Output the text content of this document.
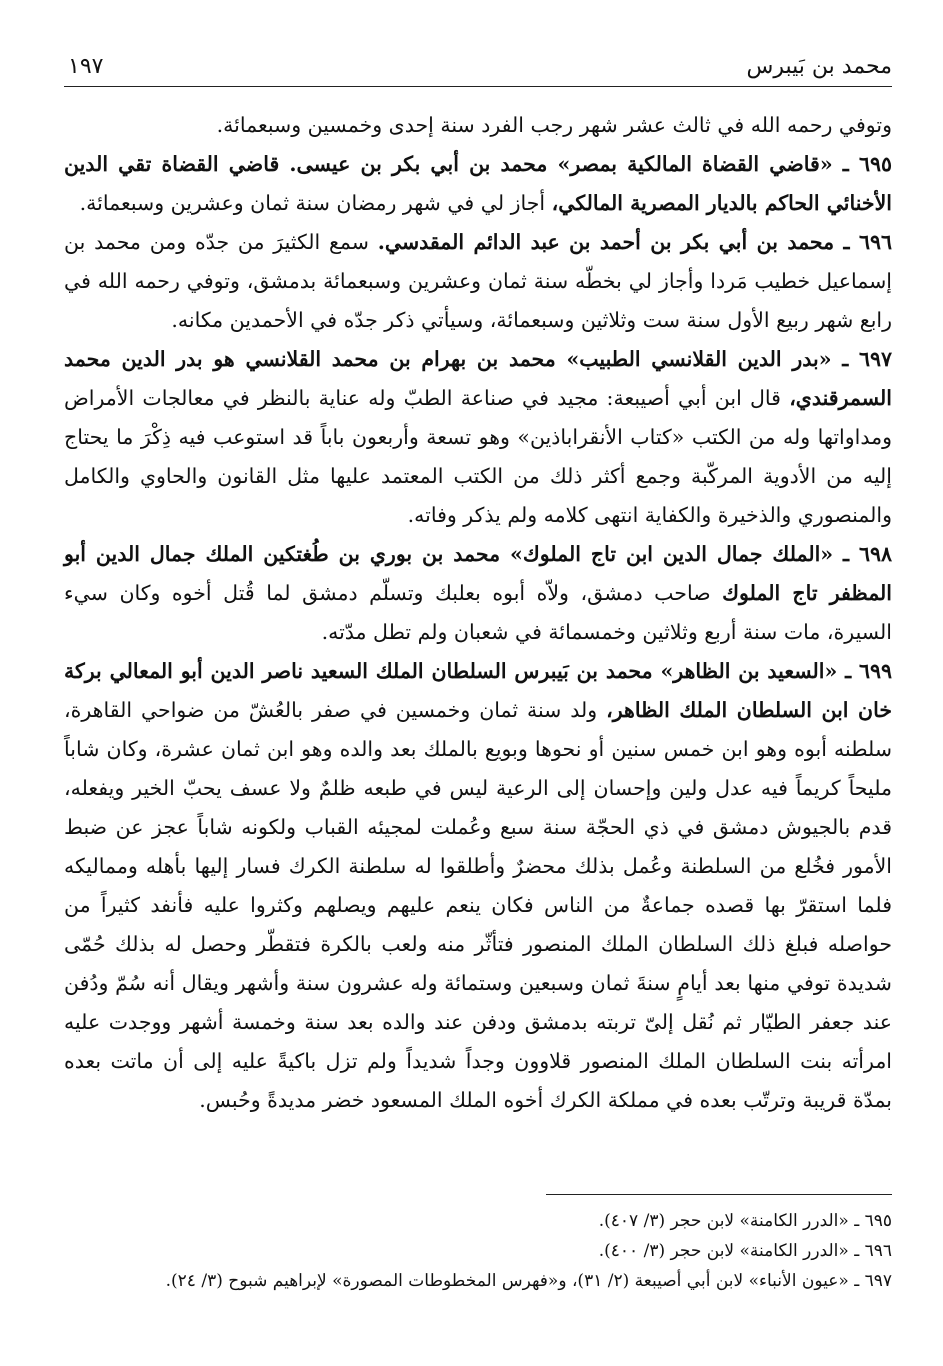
محمد بن بَيبرس
١٩٧

وتوفي رحمه الله في ثالث عشر شهر رجب الفرد سنة إحدى وخمسين وسبعمائة.

٦٩٥ ـ «قاضي القضاة المالكية بمصر» محمد بن أبي بكر بن عيسى. قاضي القضاة تقي الدين الأخنائي الحاكم بالديار المصرية المالكي، أجاز لي في شهر رمضان سنة ثمان وعشرين وسبعمائة.

٦٩٦ ـ محمد بن أبي بكر بن أحمد بن عبد الدائم المقدسي. سمع الكثيرَ من جدّه ومن محمد بن إسماعيل خطيب مَردا وأجاز لي بخطّه سنة ثمان وعشرين وسبعمائة بدمشق، وتوفي رحمه الله في رابع شهر ربيع الأول سنة ست وثلاثين وسبعمائة، وسيأتي ذكر جدّه في الأحمدين مكانه.

٦٩٧ ـ «بدر الدين القلانسي الطبيب» محمد بن بهرام بن محمد القلانسي هو بدر الدين محمد السمرقندي، قال ابن أبي أصيبعة: مجيد في صناعة الطبّ وله عناية بالنظر في معالجات الأمراض ومداواتها وله من الكتب «كتاب الأنقراباذين» وهو تسعة وأربعون باباً قد استوعب فيه ذِكْرَ ما يحتاج إليه من الأدوية المركّبة وجمع أكثر ذلك من الكتب المعتمد عليها مثل القانون والحاوي والكامل والمنصوري والذخيرة والكفاية انتهى كلامه ولم يذكر وفاته.

٦٩٨ ـ «الملك جمال الدين ابن تاج الملوك» محمد بن بوري بن طُغتكين الملك جمال الدين أبو المظفر تاج الملوك صاحب دمشق، ولاّه أبوه بعلبك وتسلّم دمشق لما قُتل أخوه وكان سيء السيرة، مات سنة أربع وثلاثين وخمسمائة في شعبان ولم تطل مدّته.

٦٩٩ ـ «السعيد بن الظاهر» محمد بن بَيبرس السلطان الملك السعيد ناصر الدين أبو المعالي بركة خان ابن السلطان الملك الظاهر، ولد سنة ثمان وخمسين في صفر بالعُشّ من ضواحي القاهرة، سلطنه أبوه وهو ابن خمس سنين أو نحوها وبويع بالملك بعد والده وهو ابن ثمان عشرة، وكان شاباً مليحاً كريماً فيه عدل ولين وإحسان إلى الرعية ليس في طبعه ظلمٌ ولا عسف يحبّ الخير ويفعله، قدم بالجيوش دمشق في ذي الحجّة سنة سبع وعُملت لمجيئه القباب ولكونه شاباً عجز عن ضبط الأمور فخُلع من السلطنة وعُمل بذلك محضرٌ وأطلقوا له سلطنة الكرك فسار إليها بأهله ومماليكه فلما استقرّ بها قصده جماعةٌ من الناس فكان ينعم عليهم ويصلهم وكثروا عليه فأنفد كثيراً من حواصله فبلغ ذلك السلطان الملك المنصور فتأثّر منه ولعب بالكرة فتقطّر وحصل له بذلك حُمّى شديدة توفي منها بعد أيامٍ سنةَ ثمان وسبعين وستمائة وله عشرون سنة وأشهر ويقال أنه سُمّ ودُفن عند جعفر الطيّار ثم نُقل إلىّ تربته بدمشق ودفن عند والده بعد سنة وخمسة أشهر ووجدت عليه امرأته بنت السلطان الملك المنصور قلاوون وجداً شديداً ولم تزل باكيةً عليه إلى أن ماتت بعده بمدّة قريبة وترتّب بعده في مملكة الكرك أخوه الملك المسعود خضر مديدةً وحُبس.

٦٩٥ ـ «الدرر الكامنة» لابن حجر (٣/ ٤٠٧).

٦٩٦ ـ «الدرر الكامنة» لابن حجر (٣/ ٤٠٠).

٦٩٧ ـ «عيون الأنباء» لابن أبي أصيبعة (٢/ ٣١)، و«فهرس المخطوطات المصورة» لإبراهيم شبوح (٣/ ٢٤).
